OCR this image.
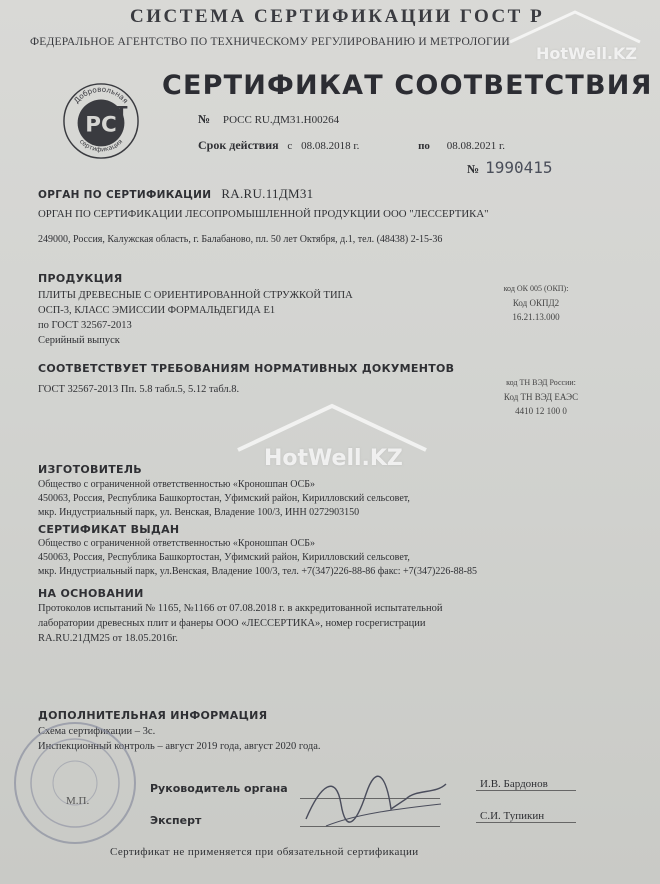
СИСТЕМА СЕРТИФИКАЦИИ ГОСТ Р
ФЕДЕРАЛЬНОЕ АГЕНТСТВО ПО ТЕХНИЧЕСКОМУ РЕГУЛИРОВАНИЮ И МЕТРОЛОГИИ
PC
T
Добровольная
сертификация
СЕРТИФИКАТ СООТВЕТСТВИЯ
№ РОСС RU.ДМ31.Н00264
Срок действия с 08.08.2018 г.	по 08.08.2021 г.
№ 1990415
ОРГАН ПО СЕРТИФИКАЦИИ RA.RU.11ДМ31
ОРГАН ПО СЕРТИФИКАЦИИ ЛЕСОПРОМЫШЛЕННОЙ ПРОДУКЦИИ ООО "ЛЕССЕРТИКА"
249000, Россия, Калужская область, г. Балабаново, пл. 50 лет Октября, д.1, тел. (48438) 2-15-36
ПРОДУКЦИЯ
ПЛИТЫ ДРЕВЕСНЫЕ С ОРИЕНТИРОВАННОЙ СТРУЖКОЙ ТИПА
ОСП-3, КЛАСС ЭМИССИИ ФОРМАЛЬДЕГИДА Е1
по ГОСТ 32567-2013
Серийный выпуск
код ОК 005 (ОКП):
Код ОКПД2
16.21.13.000
СООТВЕТСТВУЕТ ТРЕБОВАНИЯМ НОРМАТИВНЫХ ДОКУМЕНТОВ
ГОСТ 32567-2013 Пп. 5.8 табл.5, 5.12 табл.8.
код ТН ВЭД России:
Код ТН ВЭД ЕАЭС
4410 12 100 0
ИЗГОТОВИТЕЛЬ
Общество с ограниченной ответственностью «Кроношпан ОСБ»
450063, Россия, Республика Башкортостан, Уфимский район, Кирилловский сельсовет,
мкр. Индустриальный парк, ул. Венская, Владение 100/3, ИНН 0272903150
СЕРТИФИКАТ ВЫДАН
Общество с ограниченной ответственностью «Кроношпан ОСБ»
450063, Россия, Республика Башкортостан, Уфимский район, Кирилловский сельсовет,
мкр. Индустриальный парк, ул.Венская, Владение 100/3, тел. +7(347)226-88-86 факс: +7(347)226-88-85
НА ОСНОВАНИИ
Протоколов испытаний № 1165, №1166 от 07.08.2018 г. в аккредитованной испытательной
лаборатории древесных плит и фанеры ООО «ЛЕССЕРТИКА», номер госрегистрации
RA.RU.21ДМ25 от 18.05.2016г.
ДОПОЛНИТЕЛЬНАЯ ИНФОРМАЦИЯ
Схема сертификации – 3с.
Инспекционный контроль – август 2019 года, август 2020 года.
Руководитель органа
Эксперт
М.П.
И.В. Бардонов
С.И. Тупикин
Сертификат не применяется при обязательной сертификации
HotWell.KZ
HotWell.KZ
